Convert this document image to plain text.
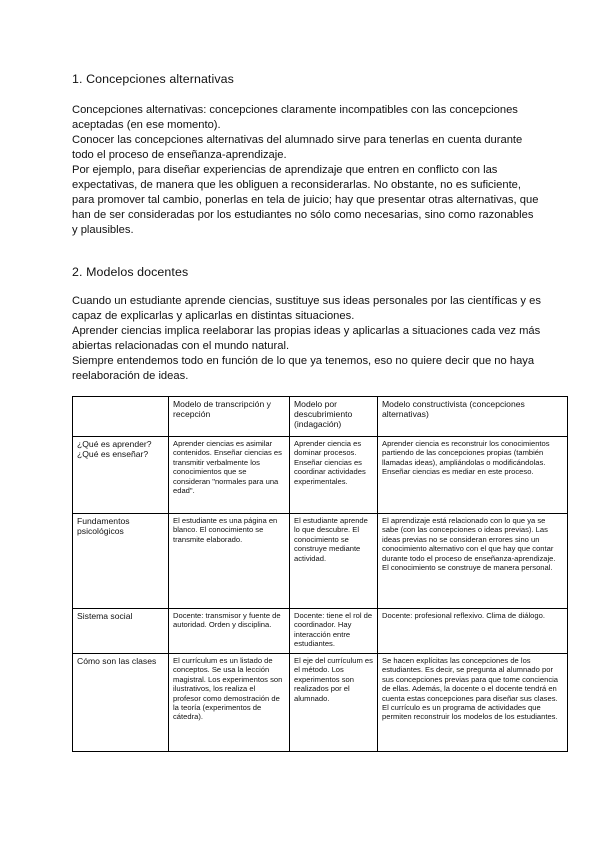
1. Concepciones alternativas

Concepciones alternativas: concepciones claramente incompatibles con las concepciones aceptadas (en ese momento).

Conocer las concepciones alternativas del alumnado sirve para tenerlas en cuenta durante todo el proceso de enseñanza-aprendizaje.

Por ejemplo, para diseñar experiencias de aprendizaje que entren en conflicto con las expectativas, de manera que les obliguen a reconsiderarlas. No obstante, no es suficiente, para promover tal cambio, ponerlas en tela de juicio; hay que presentar otras alternativas, que han de ser consideradas por los estudiantes no sólo como necesarias, sino como razonables y plausibles.

2. Modelos docentes

Cuando un estudiante aprende ciencias, sustituye sus ideas personales por las científicas y es capaz de explicarlas y aplicarlas en distintas situaciones.

Aprender ciencias implica reelaborar las propias ideas y aplicarlas a situaciones cada vez más abiertas relacionadas con el mundo natural.

Siempre entendemos todo en función de lo que ya tenemos, eso no quiere decir que no haya reelaboración de ideas.

	Modelo de transcripción y recepción	Modelo por descubrimiento (indagación)	Modelo constructivista (concepciones alternativas)
¿Qué es aprender? ¿Qué es enseñar?	Aprender ciencias es asimilar contenidos. Enseñar ciencias es transmitir verbalmente los conocimientos que se consideran "normales para una edad".	Aprender ciencia es dominar procesos. Enseñar ciencias es coordinar actividades experimentales.	Aprender ciencia es reconstruir los conocimientos partiendo de las concepciones propias (también llamadas ideas), ampliándolas o modificándolas. Enseñar ciencias es mediar en este proceso.
Fundamentos psicológicos	El estudiante es una página en blanco. El conocimiento se transmite elaborado.	El estudiante aprende lo que descubre. El conocimiento se construye mediante actividad.	El aprendizaje está relacionado con lo que ya se sabe (con las concepciones o ideas previas). Las ideas previas no se consideran errores sino un conocimiento alternativo con el que hay que contar durante todo el proceso de enseñanza-aprendizaje. El conocimiento se construye de manera personal.
Sistema social	Docente: transmisor y fuente de autoridad. Orden y disciplina.	Docente: tiene el rol de coordinador. Hay interacción entre estudiantes.	Docente: profesional reflexivo. Clima de diálogo.
Cómo son las clases	El currículum es un listado de conceptos. Se usa la lección magistral. Los experimentos son ilustrativos, los realiza el profesor como demostración de la teoría (experimentos de cátedra).	El eje del currículum es el método. Los experimentos son realizados por el alumnado.	Se hacen explícitas las concepciones de los estudiantes. Es decir, se pregunta al alumnado por sus concepciones previas para que tome conciencia de ellas. Además, la docente o el docente tendrá en cuenta estas concepciones para diseñar sus clases. El currículo es un programa de actividades que permiten reconstruir los modelos de los estudiantes.
